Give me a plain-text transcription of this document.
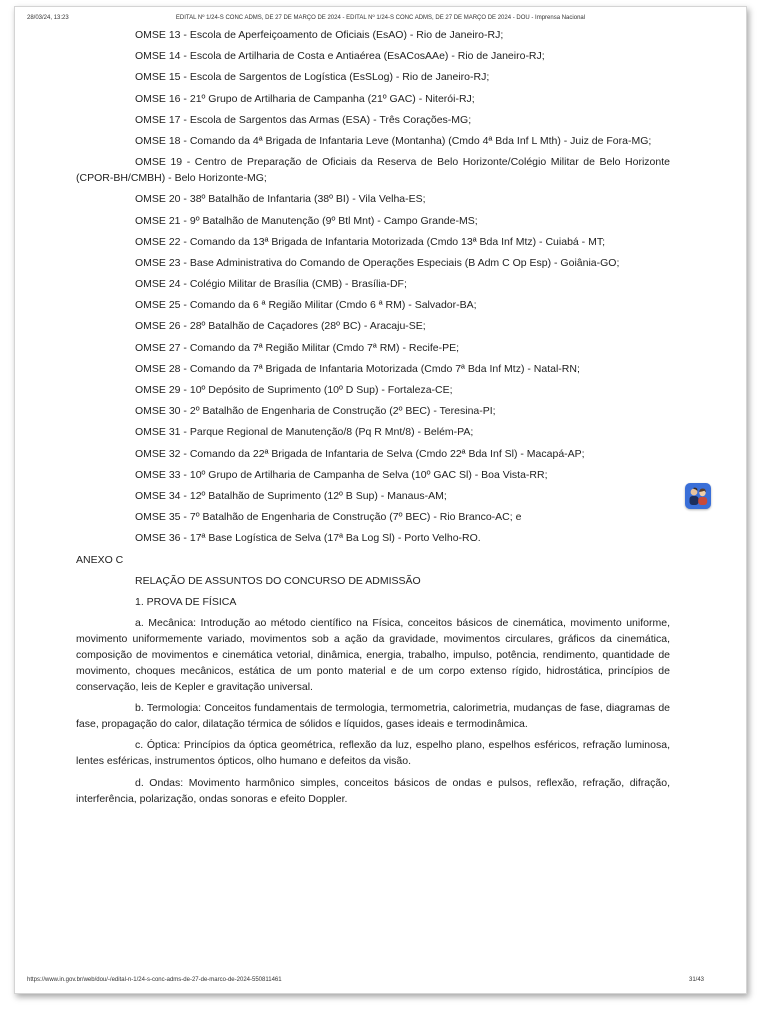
28/03/24, 13:23	EDITAL Nº 1/24-S CONC ADMS, DE 27 DE MARÇO DE 2024 - EDITAL Nº 1/24-S CONC ADMS, DE 27 DE MARÇO DE 2024 - DOU - Imprensa Nacional

OMSE 13 - Escola de Aperfeiçoamento de Oficiais (EsAO) - Rio de Janeiro-RJ;

OMSE 14 - Escola de Artilharia de Costa e Antiaérea (EsACosAAe) - Rio de Janeiro-RJ;

OMSE 15 - Escola de Sargentos de Logística (EsSLog) - Rio de Janeiro-RJ;

OMSE 16 - 21º Grupo de Artilharia de Campanha (21º GAC) - Niterói-RJ;

OMSE 17 - Escola de Sargentos das Armas (ESA) - Três Corações-MG;

OMSE 18 - Comando da 4ª Brigada de Infantaria Leve (Montanha) (Cmdo 4ª Bda Inf L Mth) - Juiz de Fora-MG;

OMSE 19 - Centro de Preparação de Oficiais da Reserva de Belo Horizonte/Colégio Militar de Belo Horizonte (CPOR-BH/CMBH) - Belo Horizonte-MG;

OMSE 20 - 38º Batalhão de Infantaria (38º BI) - Vila Velha-ES;

OMSE 21 - 9º Batalhão de Manutenção (9º Btl Mnt) - Campo Grande-MS;

OMSE 22 - Comando da 13ª Brigada de Infantaria Motorizada (Cmdo 13ª Bda Inf Mtz) - Cuiabá - MT;

OMSE 23 - Base Administrativa do Comando de Operações Especiais (B Adm C Op Esp) - Goiânia-GO;

OMSE 24 - Colégio Militar de Brasília (CMB) - Brasília-DF;

OMSE 25 - Comando da 6 ª Região Militar (Cmdo 6 ª RM) - Salvador-BA;

OMSE 26 - 28º Batalhão de Caçadores (28º BC) - Aracaju-SE;

OMSE 27 - Comando da 7ª Região Militar (Cmdo 7ª RM) - Recife-PE;

OMSE 28 - Comando da 7ª Brigada de Infantaria Motorizada (Cmdo 7ª Bda Inf Mtz) - Natal-RN;

OMSE 29 - 10º Depósito de Suprimento (10º D Sup) - Fortaleza-CE;

OMSE 30 - 2º Batalhão de Engenharia de Construção (2º BEC) - Teresina-PI;

OMSE 31 - Parque Regional de Manutenção/8 (Pq R Mnt/8) - Belém-PA;

OMSE 32 - Comando da 22ª Brigada de Infantaria de Selva (Cmdo 22ª Bda Inf Sl) - Macapá-AP;

OMSE 33 - 10º Grupo de Artilharia de Campanha de Selva (10º GAC Sl) - Boa Vista-RR;

OMSE 34 - 12º Batalhão de Suprimento (12º B Sup) - Manaus-AM;

OMSE 35 - 7º Batalhão de Engenharia de Construção (7º BEC) - Rio Branco-AC; e

OMSE 36 - 17ª Base Logística de Selva (17ª Ba Log Sl) - Porto Velho-RO.

ANEXO C

RELAÇÃO DE ASSUNTOS DO CONCURSO DE ADMISSÃO

1. PROVA DE FÍSICA

a. Mecânica: Introdução ao método científico na Física, conceitos básicos de cinemática, movimento uniforme, movimento uniformemente variado, movimentos sob a ação da gravidade, movimentos circulares, gráficos da cinemática, composição de movimentos e cinemática vetorial, dinâmica, energia, trabalho, impulso, potência, rendimento, quantidade de movimento, choques mecânicos, estática de um ponto material e de um corpo extenso rígido, hidrostática, princípios de conservação, leis de Kepler e gravitação universal.

b. Termologia: Conceitos fundamentais de termologia, termometria, calorimetria, mudanças de fase, diagramas de fase, propagação do calor, dilatação térmica de sólidos e líquidos, gases ideais e termodinâmica.

c. Óptica: Princípios da óptica geométrica, reflexão da luz, espelho plano, espelhos esféricos, refração luminosa, lentes esféricas, instrumentos ópticos, olho humano e defeitos da visão.

d. Ondas: Movimento harmônico simples, conceitos básicos de ondas e pulsos, reflexão, refração, difração, interferência, polarização, ondas sonoras e efeito Doppler.

https://www.in.gov.br/web/dou/-/edital-n-1/24-s-conc-adms-de-27-de-marco-de-2024-550811461	31/43
